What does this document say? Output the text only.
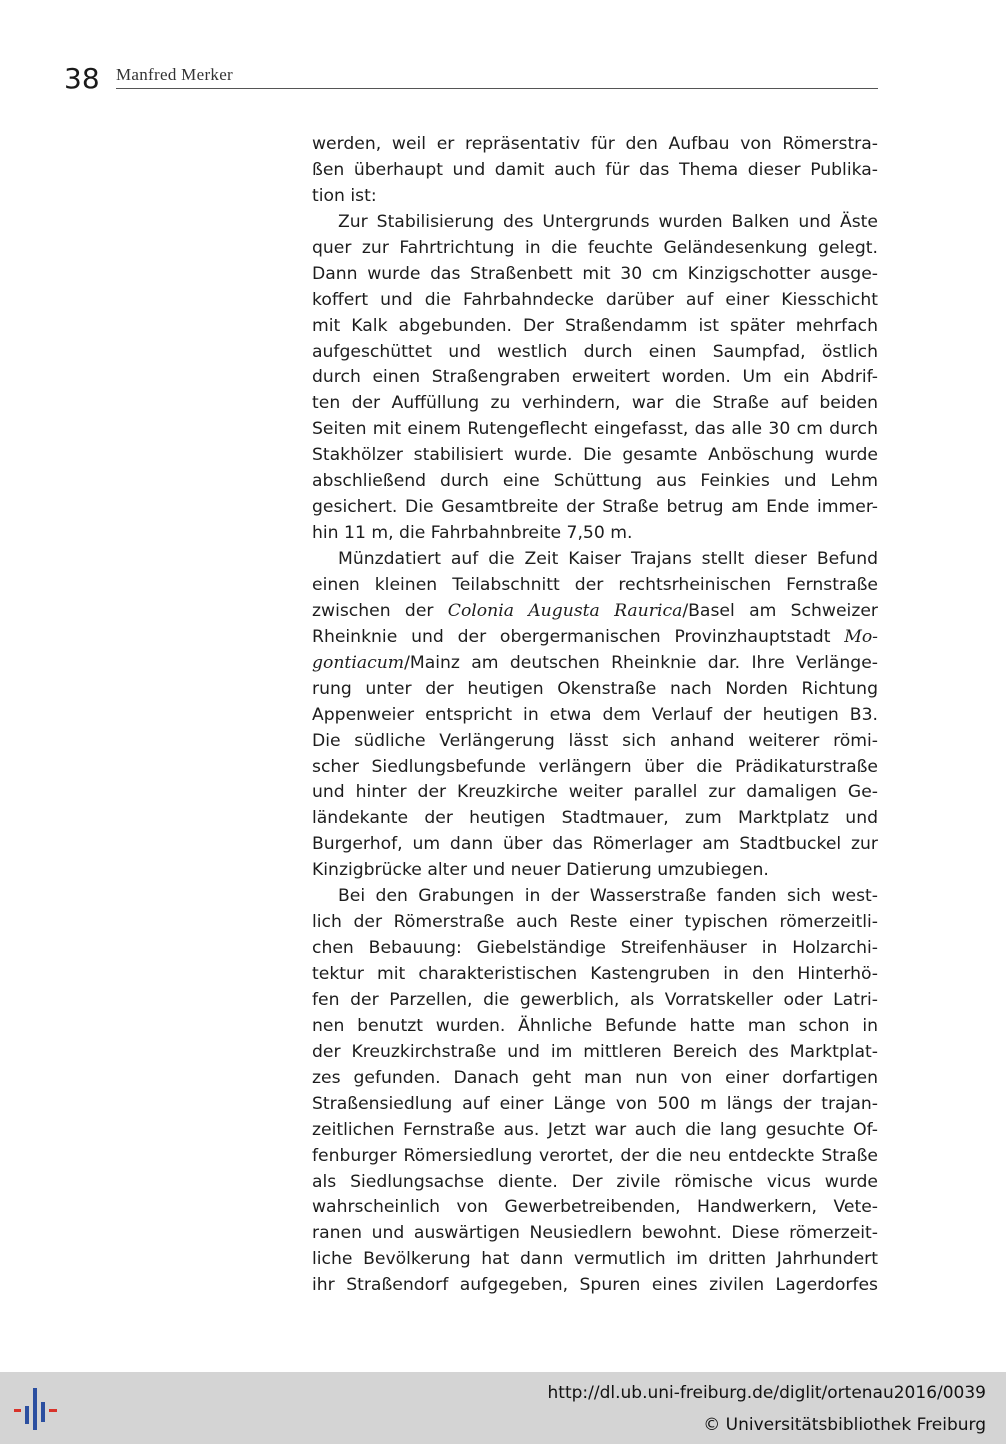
38 Manfred Merker
werden, weil er repräsentativ für den Aufbau von Römerstra-
ßen überhaupt und damit auch für das Thema dieser Publika-
tion ist:
Zur Stabilisierung des Untergrunds wurden Balken und Äste
quer zur Fahrtrichtung in die feuchte Geländesenkung gelegt.
Dann wurde das Straßenbett mit 30 cm Kinzigschotter ausge-
koffert und die Fahrbahndecke darüber auf einer Kiesschicht
mit Kalk abgebunden. Der Straßendamm ist später mehrfach
aufgeschüttet und westlich durch einen Saumpfad, östlich
durch einen Straßengraben erweitert worden. Um ein Abdrif-
ten der Auffüllung zu verhindern, war die Straße auf beiden
Seiten mit einem Rutengeflecht eingefasst, das alle 30 cm durch
Stakhölzer stabilisiert wurde. Die gesamte Anböschung wurde
abschließend durch eine Schüttung aus Feinkies und Lehm
gesichert. Die Gesamtbreite der Straße betrug am Ende immer-
hin 11 m, die Fahrbahnbreite 7,50 m.
Münzdatiert auf die Zeit Kaiser Trajans stellt dieser Befund
einen kleinen Teilabschnitt der rechtsrheinischen Fernstraße
zwischen der Colonia Augusta Raurica/Basel am Schweizer
Rheinknie und der obergermanischen Provinzhauptstadt Mo-
gontiacum/Mainz am deutschen Rheinknie dar. Ihre Verlänge-
rung unter der heutigen Okenstraße nach Norden Richtung
Appenweier entspricht in etwa dem Verlauf der heutigen B3.
Die südliche Verlängerung lässt sich anhand weiterer römi-
scher Siedlungsbefunde verlängern über die Prädikaturstraße
und hinter der Kreuzkirche weiter parallel zur damaligen Ge-
ländekante der heutigen Stadtmauer, zum Marktplatz und
Burgerhof, um dann über das Römerlager am Stadtbuckel zur
Kinzigbrücke alter und neuer Datierung umzubiegen.
Bei den Grabungen in der Wasserstraße fanden sich west-
lich der Römerstraße auch Reste einer typischen römerzeitli-
chen Bebauung: Giebelständige Streifenhäuser in Holzarchi-
tektur mit charakteristischen Kastengruben in den Hinterhö-
fen der Parzellen, die gewerblich, als Vorratskeller oder Latri-
nen benutzt wurden. Ähnliche Befunde hatte man schon in
der Kreuzkirchstraße und im mittleren Bereich des Marktplat-
zes gefunden. Danach geht man nun von einer dorfartigen
Straßensiedlung auf einer Länge von 500 m längs der trajan-
zeitlichen Fernstraße aus. Jetzt war auch die lang gesuchte Of-
fenburger Römersiedlung verortet, der die neu entdeckte Straße
als Siedlungsachse diente. Der zivile römische vicus wurde
wahrscheinlich von Gewerbetreibenden, Handwerkern, Vete-
ranen und auswärtigen Neusiedlern bewohnt. Diese römerzeit-
liche Bevölkerung hat dann vermutlich im dritten Jahrhundert
ihr Straßendorf aufgegeben, Spuren eines zivilen Lagerdorfes
http://dl.ub.uni-freiburg.de/diglit/ortenau2016/0039
© Universitätsbibliothek Freiburg
